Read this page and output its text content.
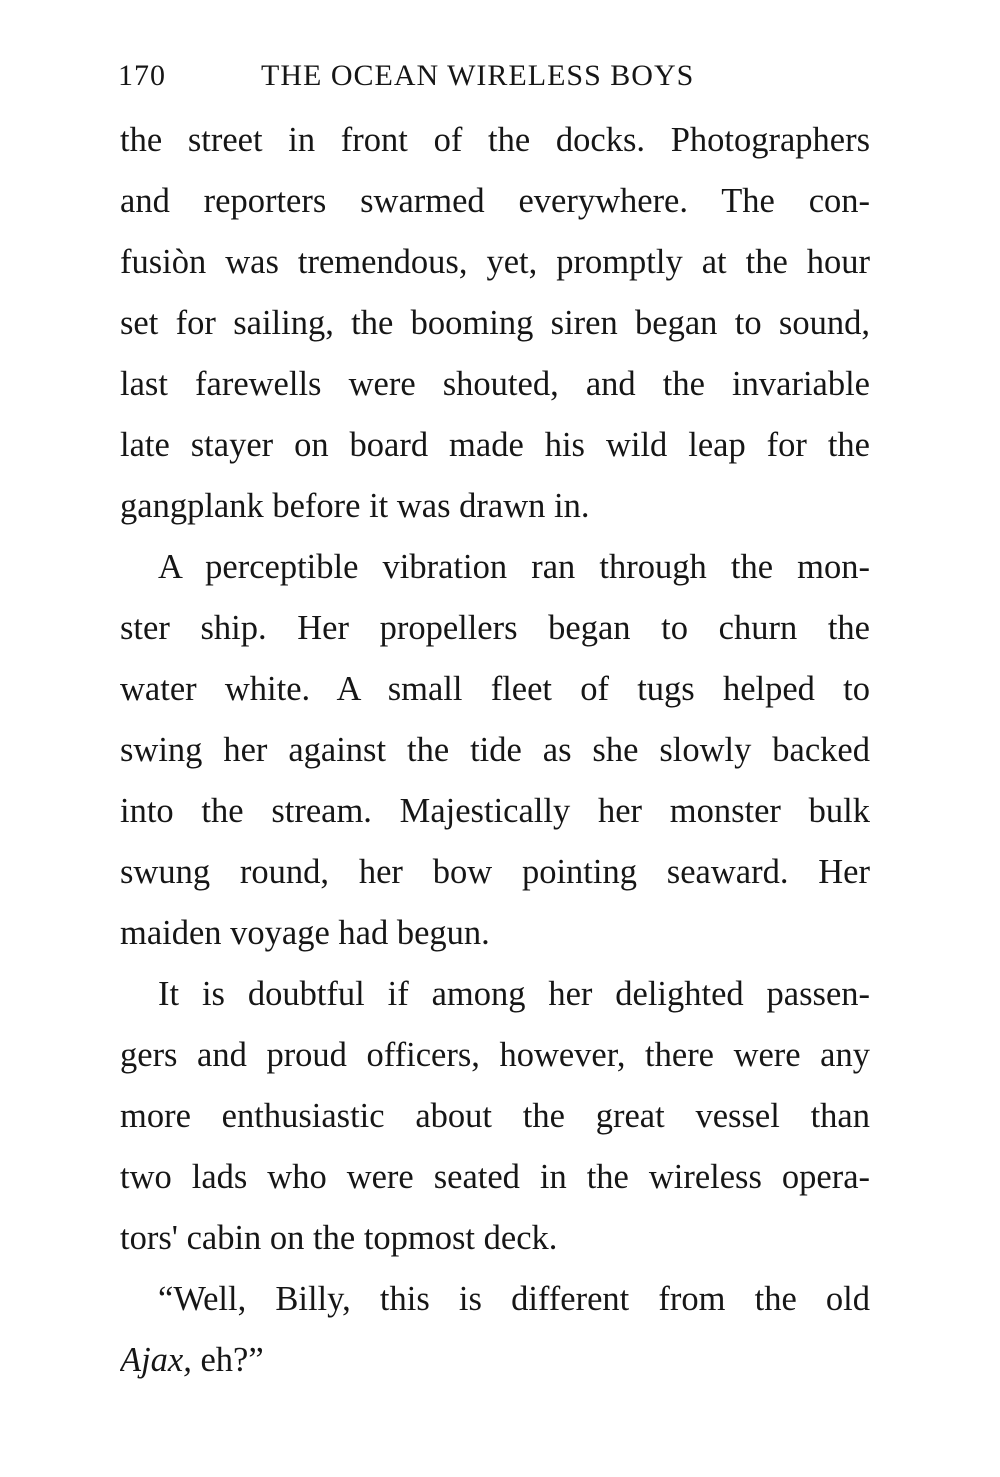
170	THE OCEAN WIRELESS BOYS
the street in front of the docks. Photographers
and reporters swarmed everywhere. The con-
fusiòn was tremendous, yet, promptly at the hour
set for sailing, the booming siren began to sound,
last farewells were shouted, and the invariable
late stayer on board made his wild leap for the
gangplank before it was drawn in.
A perceptible vibration ran through the mon-
ster ship. Her propellers began to churn the
water white. A small fleet of tugs helped to
swing her against the tide as she slowly backed
into the stream. Majestically her monster bulk
swung round, her bow pointing seaward. Her
maiden voyage had begun.
It is doubtful if among her delighted passen-
gers and proud officers, however, there were any
more enthusiastic about the great vessel than
two lads who were seated in the wireless opera-
tors' cabin on the topmost deck.
“Well, Billy, this is different from the old
Ajax, eh?”
